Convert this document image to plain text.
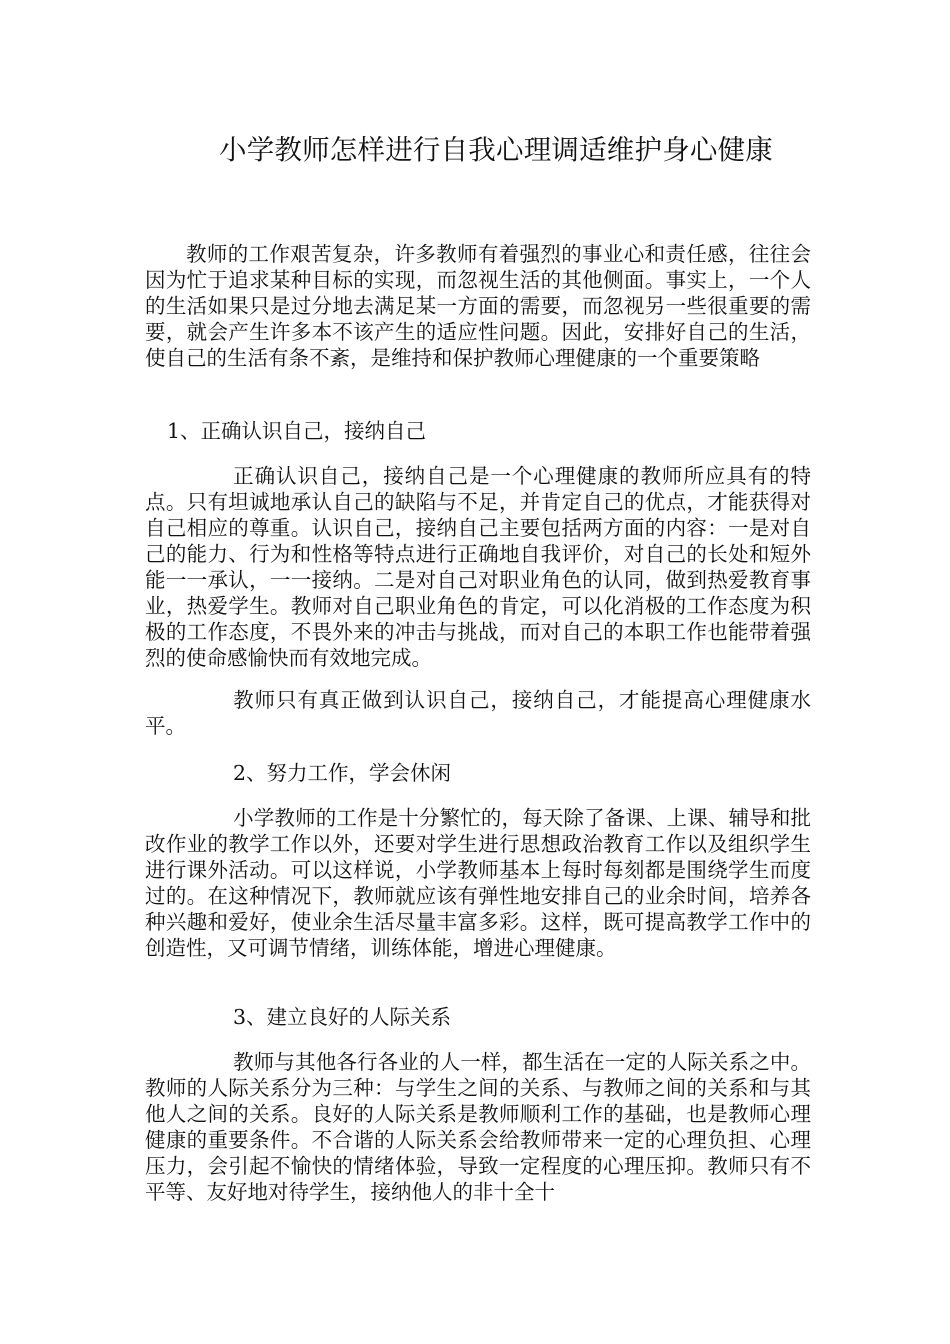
小学教师怎样进行自我心理调适维护身心健康

教师的工作艰苦复杂，许多教师有着强烈的事业心和责任感，往往会因为忙于追求某种目标的实现，而忽视生活的其他侧面。事实上，一个人的生活如果只是过分地去满足某一方面的需要，而忽视另一些很重要的需要，就会产生许多本不该产生的适应性问题。因此，安排好自己的生活，使自己的生活有条不紊，是维持和保护教师心理健康的一个重要策略

1、正确认识自己，接纳自己

正确认识自己，接纳自己是一个心理健康的教师所应具有的特点。只有坦诚地承认自己的缺陷与不足，并肯定自己的优点，才能获得对自己相应的尊重。认识自己，接纳自己主要包括两方面的内容：一是对自己的能力、行为和性格等特点进行正确地自我评价，对自己的长处和短外能一一承认，一一接纳。二是对自己对职业角色的认同，做到热爱教育事业，热爱学生。教师对自己职业角色的肯定，可以化消极的工作态度为积极的工作态度，不畏外来的冲击与挑战，而对自己的本职工作也能带着强烈的使命感愉快而有效地完成。

教师只有真正做到认识自己，接纳自己，才能提高心理健康水平。

2、努力工作，学会休闲

小学教师的工作是十分繁忙的，每天除了备课、上课、辅导和批改作业的教学工作以外，还要对学生进行思想政治教育工作以及组织学生进行课外活动。可以这样说，小学教师基本上每时每刻都是围绕学生而度过的。在这种情况下，教师就应该有弹性地安排自己的业余时间，培养各种兴趣和爱好，使业余生活尽量丰富多彩。这样，既可提高教学工作中的创造性，又可调节情绪，训练体能，增进心理健康。

3、建立良好的人际关系

教师与其他各行各业的人一样，都生活在一定的人际关系之中。教师的人际关系分为三种：与学生之间的关系、与教师之间的关系和与其他人之间的关系。良好的人际关系是教师顺利工作的基础，也是教师心理健康的重要条件。不合谐的人际关系会给教师带来一定的心理负担、心理压力，会引起不愉快的情绪体验，导致一定程度的心理压抑。教师只有不平等、友好地对待学生，接纳他人的非十全十
